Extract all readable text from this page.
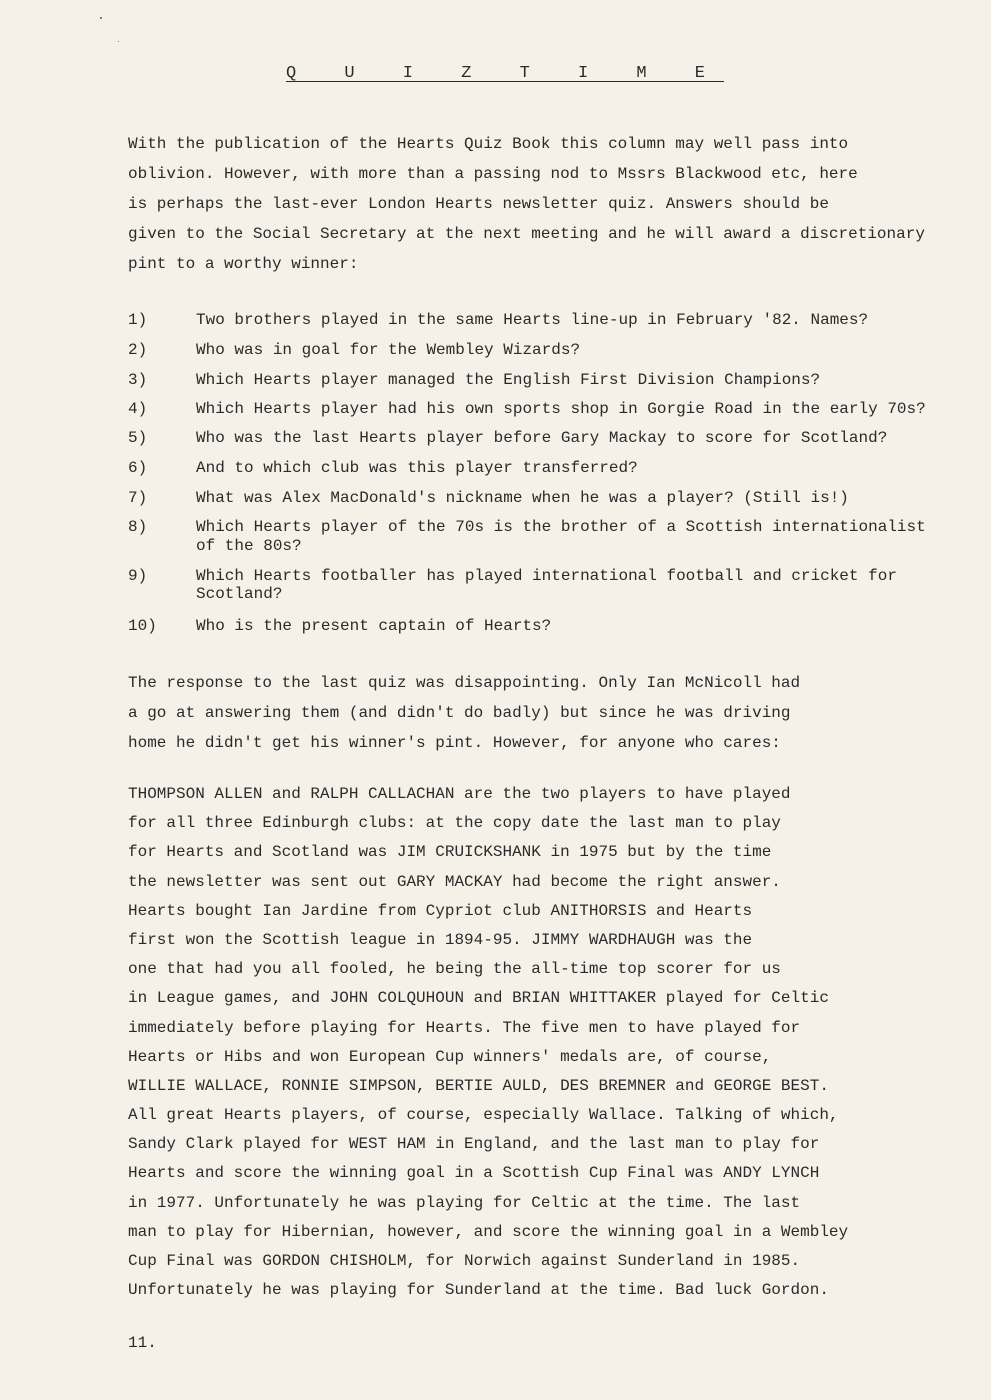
Q U I Z T I M E
With the publication of the Hearts Quiz Book this column may well pass into
oblivion. However, with more than a passing nod to Mssrs Blackwood etc, here
is perhaps the last-ever London Hearts newsletter quiz. Answers should be
given to the Social Secretary at the next meeting and he will award a discretionary
pint to a worthy winner:
1)	Two brothers played in the same Hearts line-up in February '82. Names?
2)	Who was in goal for the Wembley Wizards?
3)	Which Hearts player managed the English First Division Champions?
4)	Which Hearts player had his own sports shop in Gorgie Road in the early 70s?
5)	Who was the last Hearts player before Gary Mackay to score for Scotland?
6)	And to which club was this player transferred?
7)	What was Alex MacDonald's nickname when he was a player? (Still is!)
8)	Which Hearts player of the 70s is the brother of a Scottish internationalist
of the 80s?
9)	Which Hearts footballer has played international football and cricket for
Scotland?
10)	Who is the present captain of Hearts?
The response to the last quiz was disappointing. Only Ian McNicoll had
a go at answering them (and didn't do badly) but since he was driving
home he didn't get his winner's pint. However, for anyone who cares:
THOMPSON ALLEN and RALPH CALLACHAN are the two players to have played
for all three Edinburgh clubs: at the copy date the last man to play
for Hearts and Scotland was JIM CRUICKSHANK in 1975 but by the time
the newsletter was sent out GARY MACKAY had become the right answer.
Hearts bought Ian Jardine from Cypriot club ANITHORSIS and Hearts
first won the Scottish league in 1894-95. JIMMY WARDHAUGH was the
one that had you all fooled, he being the all-time top scorer for us
in League games, and JOHN COLQUHOUN and BRIAN WHITTAKER played for Celtic
immediately before playing for Hearts. The five men to have played for
Hearts or Hibs and won European Cup winners' medals are, of course,
WILLIE WALLACE, RONNIE SIMPSON, BERTIE AULD, DES BREMNER and GEORGE BEST.
All great Hearts players, of course, especially Wallace. Talking of which,
Sandy Clark played for WEST HAM in England, and the last man to play for
Hearts and score the winning goal in a Scottish Cup Final was ANDY LYNCH
in 1977. Unfortunately he was playing for Celtic at the time. The last
man to play for Hibernian, however, and score the winning goal in a Wembley
Cup Final was GORDON CHISHOLM, for Norwich against Sunderland in 1985.
Unfortunately he was playing for Sunderland at the time. Bad luck Gordon.
11.
